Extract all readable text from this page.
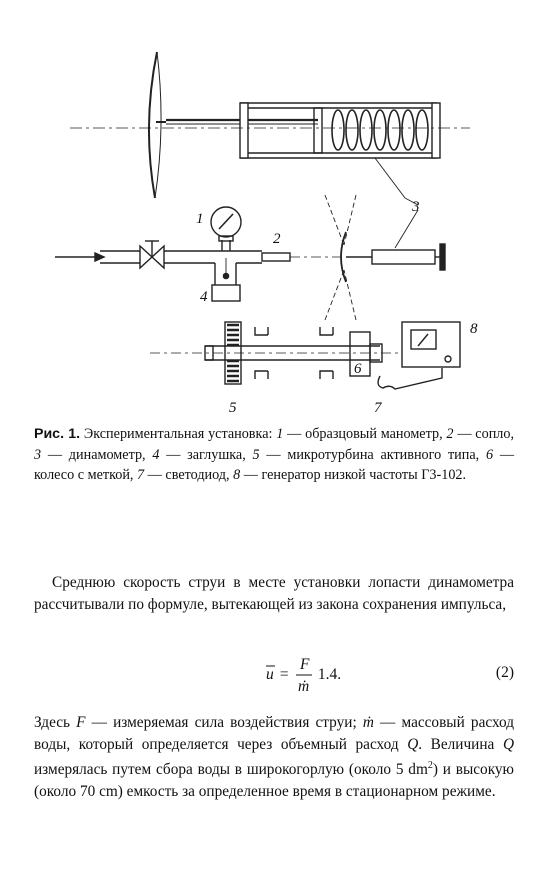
1
2
3
4
5
6
7
8
Рис. 1. Экспериментальная установка: 1 — образцовый манометр, 2 — сопло, 3 — динамометр, 4 — заглушка, 5 — микротурбина активного типа, 6 — колесо с меткой, 7 — светодиод, 8 — генератор низкой частоты Г3-102.
Среднюю скорость струи в месте установки лопасти динамометра рассчитывали по формуле, вытекающей из закона сохранения импульса,
u =
F
ṁ
1.4.	(2)
Здесь F — измеряемая сила воздействия струи; ṁ — массовый расход воды, который определяется через объемный расход Q. Величина Q измерялась путем сбора воды в широкогорлую (около 5 $dm^2$) и высокую (около 70 cm) емкость за определенное время в стационарном режиме.
